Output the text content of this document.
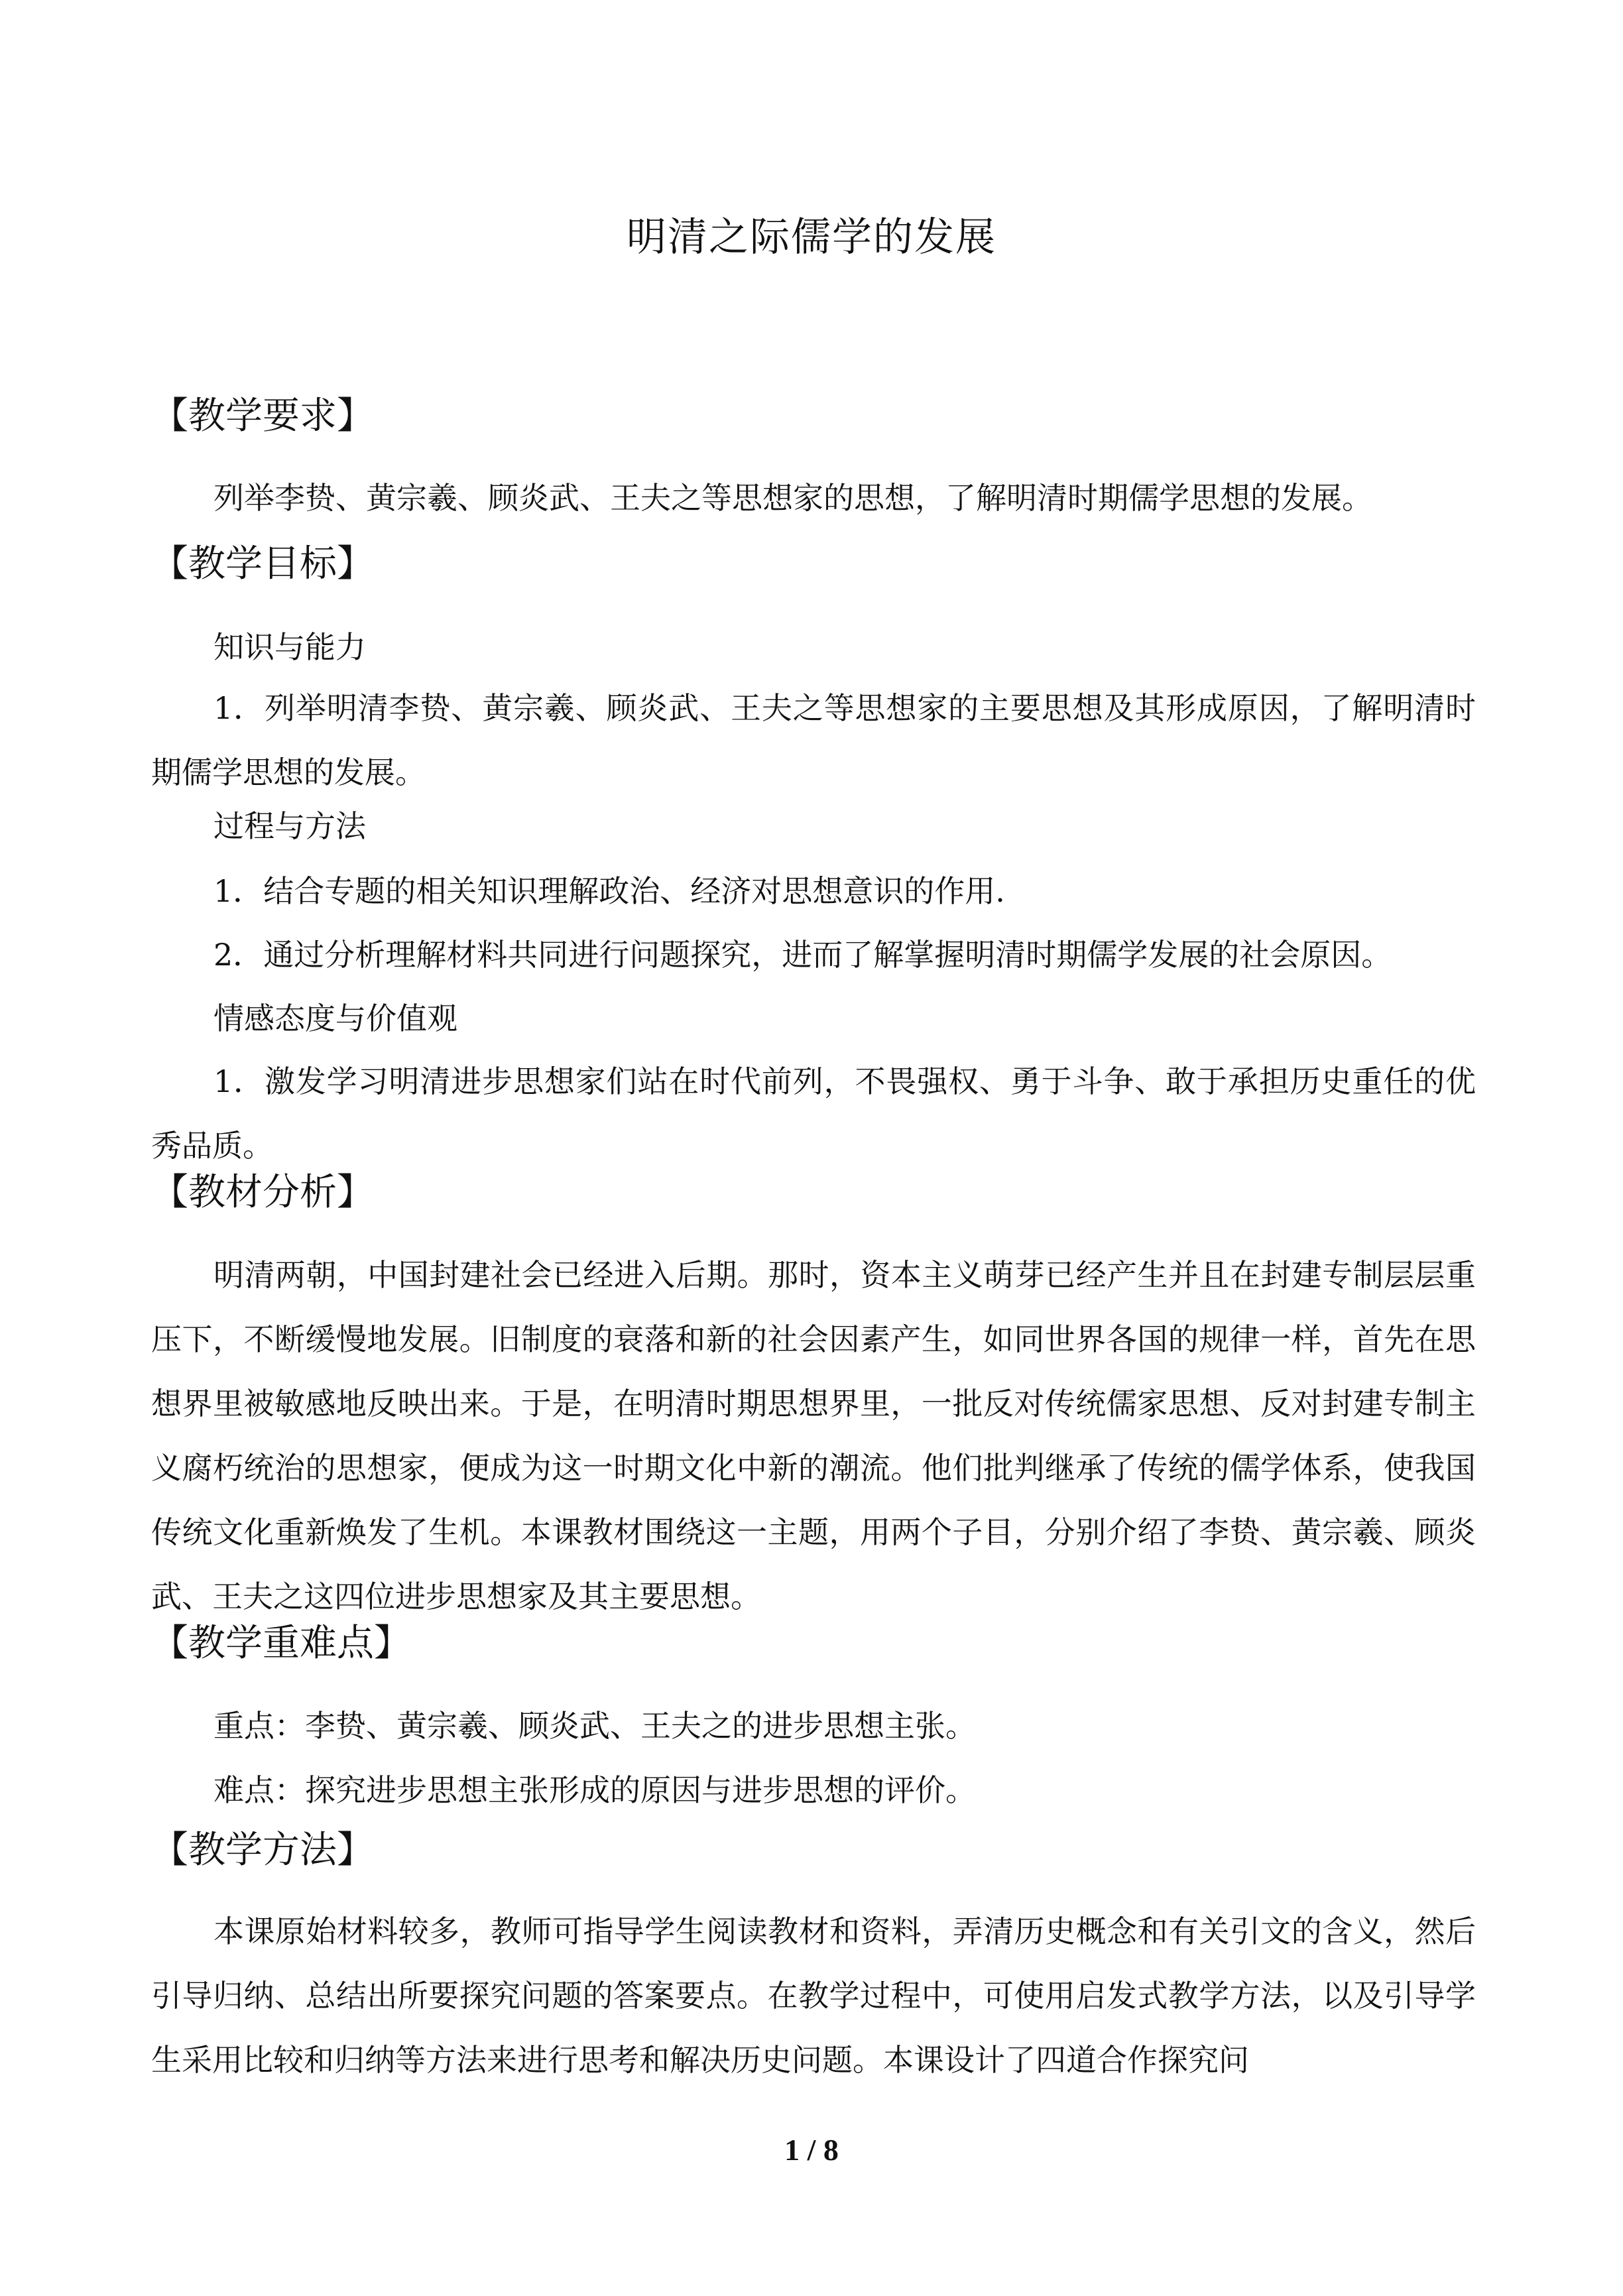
明清之际儒学的发展
【教学要求】

列举李贽、黄宗羲、顾炎武、王夫之等思想家的思想，了解明清时期儒学思想的发展。

【教学目标】
知识与能力

1．列举明清李贽、黄宗羲、顾炎武、王夫之等思想家的主要思想及其形成原因，了解明清时期儒学思想的发展。

过程与方法
1．结合专题的相关知识理解政治、经济对思想意识的作用.
2．通过分析理解材料共同进行问题探究，进而了解掌握明清时期儒学发展的社会原因。
情感态度与价值观

1．激发学习明清进步思想家们站在时代前列，不畏强权、勇于斗争、敢于承担历史重任的优秀品质。

【教材分析】

明清两朝，中国封建社会已经进入后期。那时，资本主义萌芽已经产生并且在封建专制层层重压下，不断缓慢地发展。旧制度的衰落和新的社会因素产生，如同世界各国的规律一样，首先在思想界里被敏感地反映出来。于是，在明清时期思想界里，一批反对传统儒家思想、反对封建专制主义腐朽统治的思想家，便成为这一时期文化中新的潮流。他们批判继承了传统的儒学体系，使我国传统文化重新焕发了生机。本课教材围绕这一主题，用两个子目，分别介绍了李贽、黄宗羲、顾炎武、王夫之这四位进步思想家及其主要思想。

【教学重难点】
重点：李贽、黄宗羲、顾炎武、王夫之的进步思想主张。
难点：探究进步思想主张形成的原因与进步思想的评价。
【教学方法】

本课原始材料较多，教师可指导学生阅读教材和资料，弄清历史概念和有关引文的含义，然后引导归纳、总结出所要探究问题的答案要点。在教学过程中，可使用启发式教学方法，以及引导学生采用比较和归纳等方法来进行思考和解决历史问题。本课设计了四道合作探究问

1 / 8
